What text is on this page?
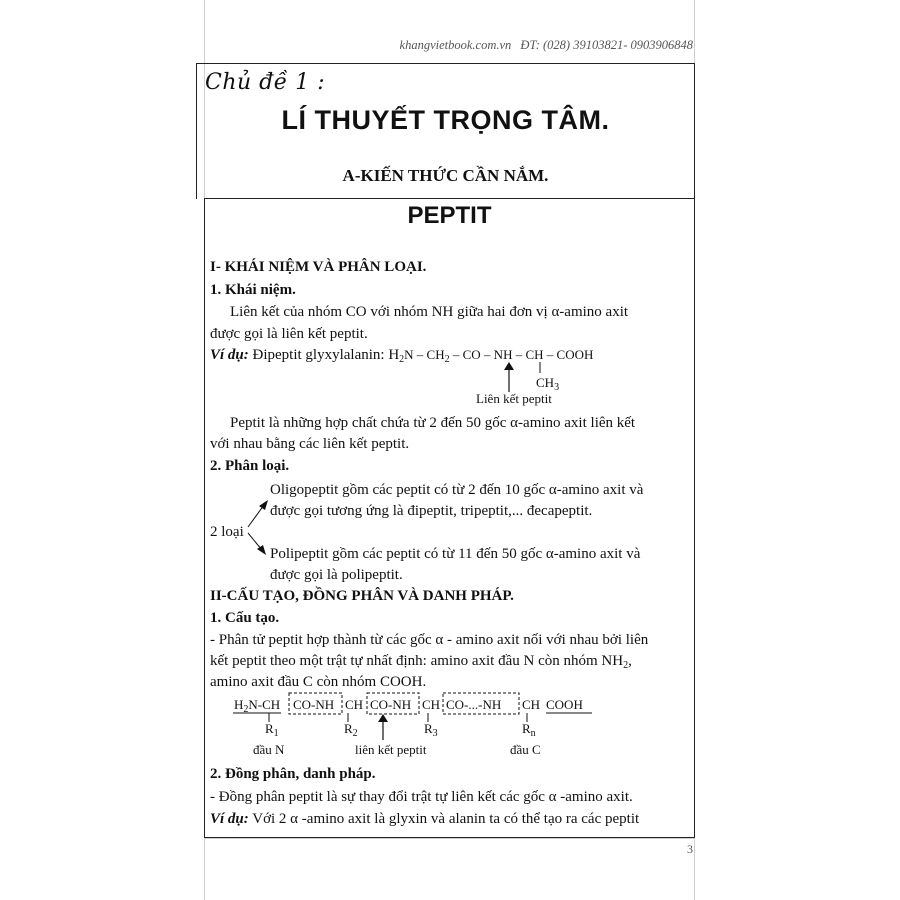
khangvietbook.com.vn ĐT: (028) 39103821- 0903906848
Chủ đề 1 :
LÍ THUYẾT TRỌNG TÂM.
A-KIẾN THỨC CẦN NẮM.
PEPTIT
I- KHÁI NIỆM VÀ PHÂN LOẠI.
1. Khái niệm.
Liên kết của nhóm CO với nhóm NH giữa hai đơn vị α-amino axit
được gọi là liên kết peptit.
Ví dụ: Đipeptit glyxylalanin: $H_2N - CH_2$ – CO – NH – CH – COOH
$CH_3$
Liên kết peptit
Peptit là những hợp chất chứa từ 2 đến 50 gốc α-amino axit liên kết
với nhau bằng các liên kết peptit.
2. Phân loại.
Oligopeptit gồm các peptit có từ 2 đến 10 gốc α-amino axit và
được gọi tương ứng là đipeptit, tripeptit,... đecapeptit.
2 loại
Polipeptit gồm các peptit có từ 11 đến 50 gốc α-amino axit và
được gọi là polipeptit.
II-CẤU TẠO, ĐỒNG PHÂN VÀ DANH PHÁP.
1. Cấu tạo.
- Phân tử peptit hợp thành từ các gốc α - amino axit nối với nhau bởi liên
kết peptit theo một trật tự nhất định: amino axit đầu N còn nhóm $NH_2$,
amino axit đầu C còn nhóm COOH.
$H_2N-CH$ CO-NH CH CO-NH CH CO-...-NH CH COOH
$R_1$	$R_2$	$R_3$	$R_n$
đầu N	liên kết peptit	đầu C
2. Đồng phân, danh pháp.
- Đồng phân peptit là sự thay đổi trật tự liên kết các gốc α -amino axit.
Ví dụ: Với 2 α -amino axit là glyxin và alanin ta có thể tạo ra các peptit
3
